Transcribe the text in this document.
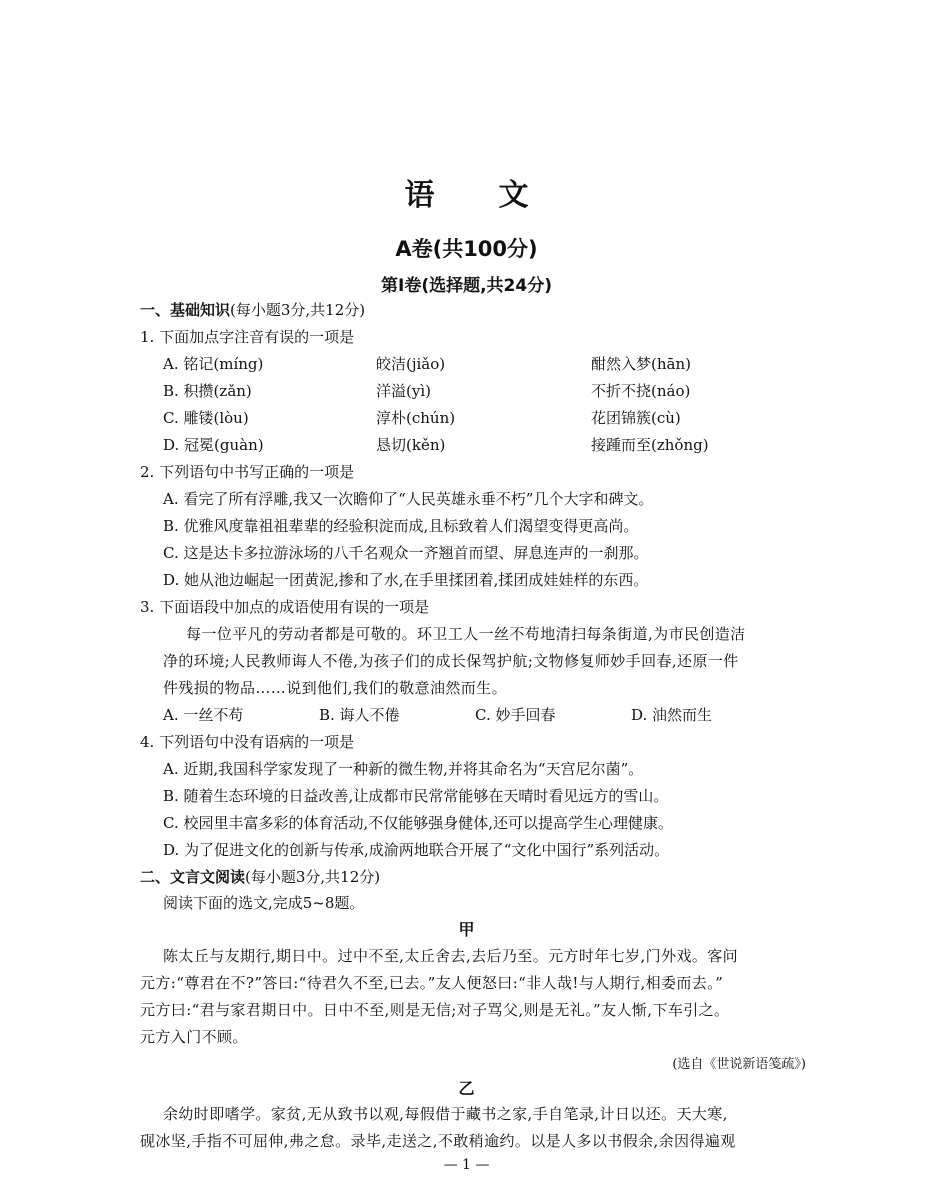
语文
A卷(共100分)
第Ⅰ卷(选择题,共24分)
一、基础知识(每小题3分,共12分)
1. 下面加点字注音有误的一项是
A. 铭记(míng)	皎洁(jiǎo)	酣然入梦(hān)
B. 积攒(zǎn)	洋溢(yì)	不折不挠(náo)
C. 雕镂(lòu)	淳朴(chún)	花团锦簇(cù)
D. 冠冕(guàn)	恳切(kěn)	接踵而至(zhǒng)
2. 下列语句中书写正确的一项是
A. 看完了所有浮雕,我又一次瞻仰了“人民英雄永垂不朽”几个大字和碑文。
B. 优雅风度靠祖祖辈辈的经验积淀而成,且标致着人们渴望变得更高尚。
C. 这是达卡多拉游泳场的八千名观众一齐翘首而望、屏息连声的一刹那。
D. 她从池边崛起一团黄泥,掺和了水,在手里揉团着,揉团成娃娃样的东西。
3. 下面语段中加点的成语使用有误的一项是
每一位平凡的劳动者都是可敬的。环卫工人一丝不苟地清扫每条街道,为市民创造洁
净的环境;人民教师诲人不倦,为孩子们的成长保驾护航;文物修复师妙手回春,还原一件
件残损的物品……说到他们,我们的敬意油然而生。
A. 一丝不苟	B. 诲人不倦	C. 妙手回春	D. 油然而生
4. 下列语句中没有语病的一项是
A. 近期,我国科学家发现了一种新的微生物,并将其命名为“天宫尼尔菌”。
B. 随着生态环境的日益改善,让成都市民常常能够在天晴时看见远方的雪山。
C. 校园里丰富多彩的体育活动,不仅能够强身健体,还可以提高学生心理健康。
D. 为了促进文化的创新与传承,成渝两地联合开展了“文化中国行”系列活动。
二、文言文阅读(每小题3分,共12分)
阅读下面的选文,完成5~8题。
甲
陈太丘与友期行,期日中。过中不至,太丘舍去,去后乃至。元方时年七岁,门外戏。客问
元方:“尊君在不?”答曰:“待君久不至,已去。”友人便怒曰:“非人哉!与人期行,相委而去。”
元方曰:“君与家君期日中。日中不至,则是无信;对子骂父,则是无礼。”友人惭,下车引之。
元方入门不顾。
(选自《世说新语笺疏》)
乙
余幼时即嗜学。家贫,无从致书以观,每假借于藏书之家,手自笔录,计日以还。天大寒,
砚冰坚,手指不可屈伸,弗之怠。录毕,走送之,不敢稍逾约。以是人多以书假余,余因得遍观
— 1 —
